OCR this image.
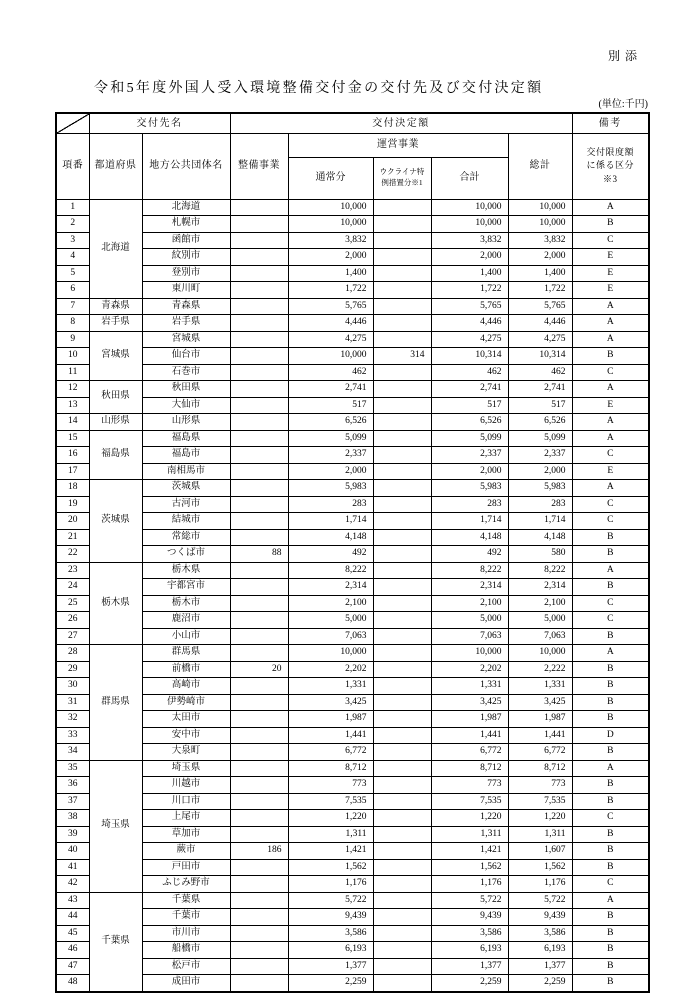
別添
令和5年度外国人受入環境整備交付金の交付先及び交付決定額
(単位:千円)
	交付先名		交付決定額					備考
項番	都道府県	地方公共団体名	整備事業	運営事業			総計	交付限度額に係る区分※3
				通常分	ウクライナ特例措置分※1	合計		
1	北海道	北海道		10,000		10,000	10,000	A
2		札幌市		10,000		10,000	10,000	B
3		函館市		3,832		3,832	3,832	C
4		紋別市		2,000		2,000	2,000	E
5		登別市		1,400		1,400	1,400	E
6		東川町		1,722		1,722	1,722	E
7	青森県	青森県		5,765		5,765	5,765	A
8	岩手県	岩手県		4,446		4,446	4,446	A
9	宮城県	宮城県		4,275		4,275	4,275	A
10		仙台市		10,000	314	10,314	10,314	B
11		石巻市		462		462	462	C
12	秋田県	秋田県		2,741		2,741	2,741	A
13		大仙市		517		517	517	E
14	山形県	山形県		6,526		6,526	6,526	A
15	福島県	福島県		5,099		5,099	5,099	A
16		福島市		2,337		2,337	2,337	C
17		南相馬市		2,000		2,000	2,000	E
18	茨城県	茨城県		5,983		5,983	5,983	A
19		古河市		283		283	283	C
20		結城市		1,714		1,714	1,714	C
21		常総市		4,148		4,148	4,148	B
22		つくば市	88	492		492	580	B
23	栃木県	栃木県		8,222		8,222	8,222	A
24		宇都宮市		2,314		2,314	2,314	B
25		栃木市		2,100		2,100	2,100	C
26		鹿沼市		5,000		5,000	5,000	C
27		小山市		7,063		7,063	7,063	B
28	群馬県	群馬県		10,000		10,000	10,000	A
29		前橋市	20	2,202		2,202	2,222	B
30		高崎市		1,331		1,331	1,331	B
31		伊勢崎市		3,425		3,425	3,425	B
32		太田市		1,987		1,987	1,987	B
33		安中市		1,441		1,441	1,441	D
34		大泉町		6,772		6,772	6,772	B
35	埼玉県	埼玉県		8,712		8,712	8,712	A
36		川越市		773		773	773	B
37		川口市		7,535		7,535	7,535	B
38		上尾市		1,220		1,220	1,220	C
39		草加市		1,311		1,311	1,311	B
40		蕨市	186	1,421		1,421	1,607	B
41		戸田市		1,562		1,562	1,562	B
42		ふじみ野市		1,176		1,176	1,176	C
43	千葉県	千葉県		5,722		5,722	5,722	A
44		千葉市		9,439		9,439	9,439	B
45		市川市		3,586		3,586	3,586	B
46		船橋市		6,193		6,193	6,193	B
47		松戸市		1,377		1,377	1,377	B
48		成田市		2,259		2,259	2,259	B
